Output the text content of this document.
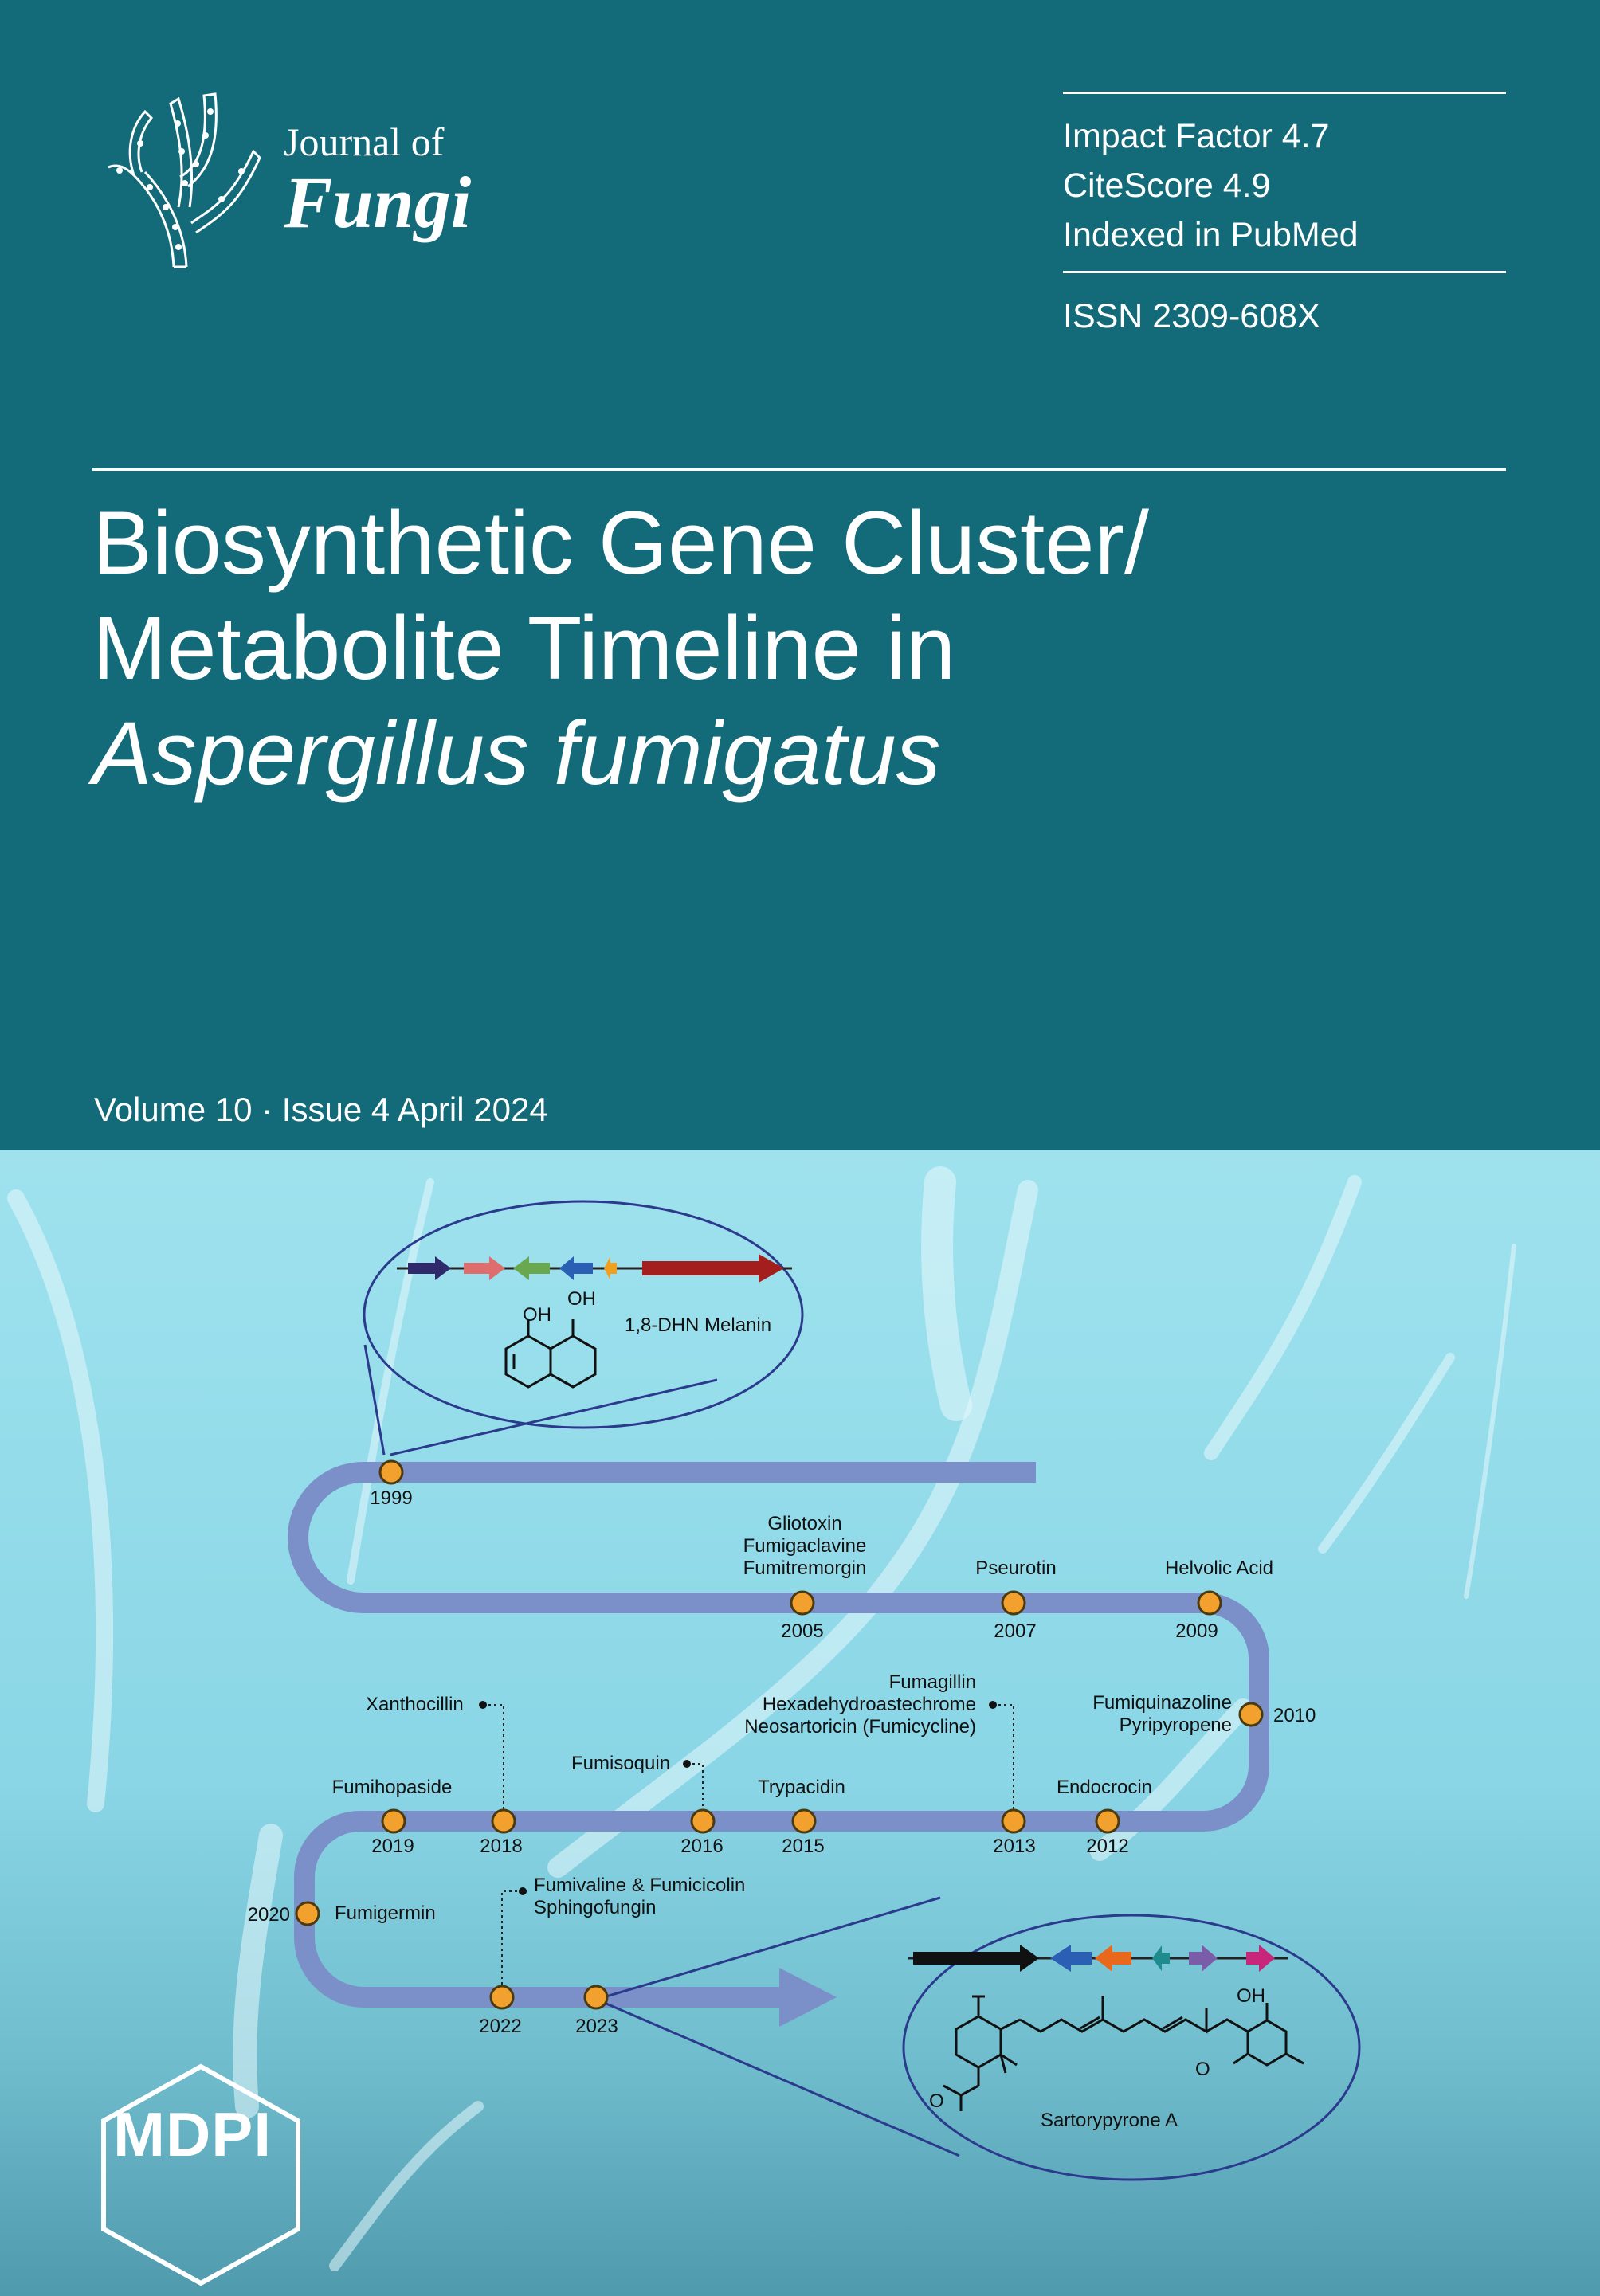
Journal of
Fungi
Impact Factor 4.7
CiteScore 4.9
Indexed in PubMed
ISSN 2309-608X
Biosynthetic Gene Cluster/
Metabolite Timeline in
Aspergillus fumigatus
Volume 10 · Issue 4 April 2024
OH
OH
1,8-DHN Melanin
1999
Gliotoxin
Fumigaclavine
Fumitremorgin
2005
Pseurotin
2007
Helvolic Acid
2009
Fumiquinazoline
Pyripyropene 2010
Fumagillin
Hexadehydroastechrome
Neosartoricin (Fumicycline)
Xanthocillin
Fumisoquin
Trypacidin	Endocrocin
Fumihopaside
2019	2018	2016	2015	2013	2012
2020 Fumigermin
Fumivaline & Fumicicolin
Sphingofungin
2022	2023
OH
O
O
Sartorypyrone A
MDPI
